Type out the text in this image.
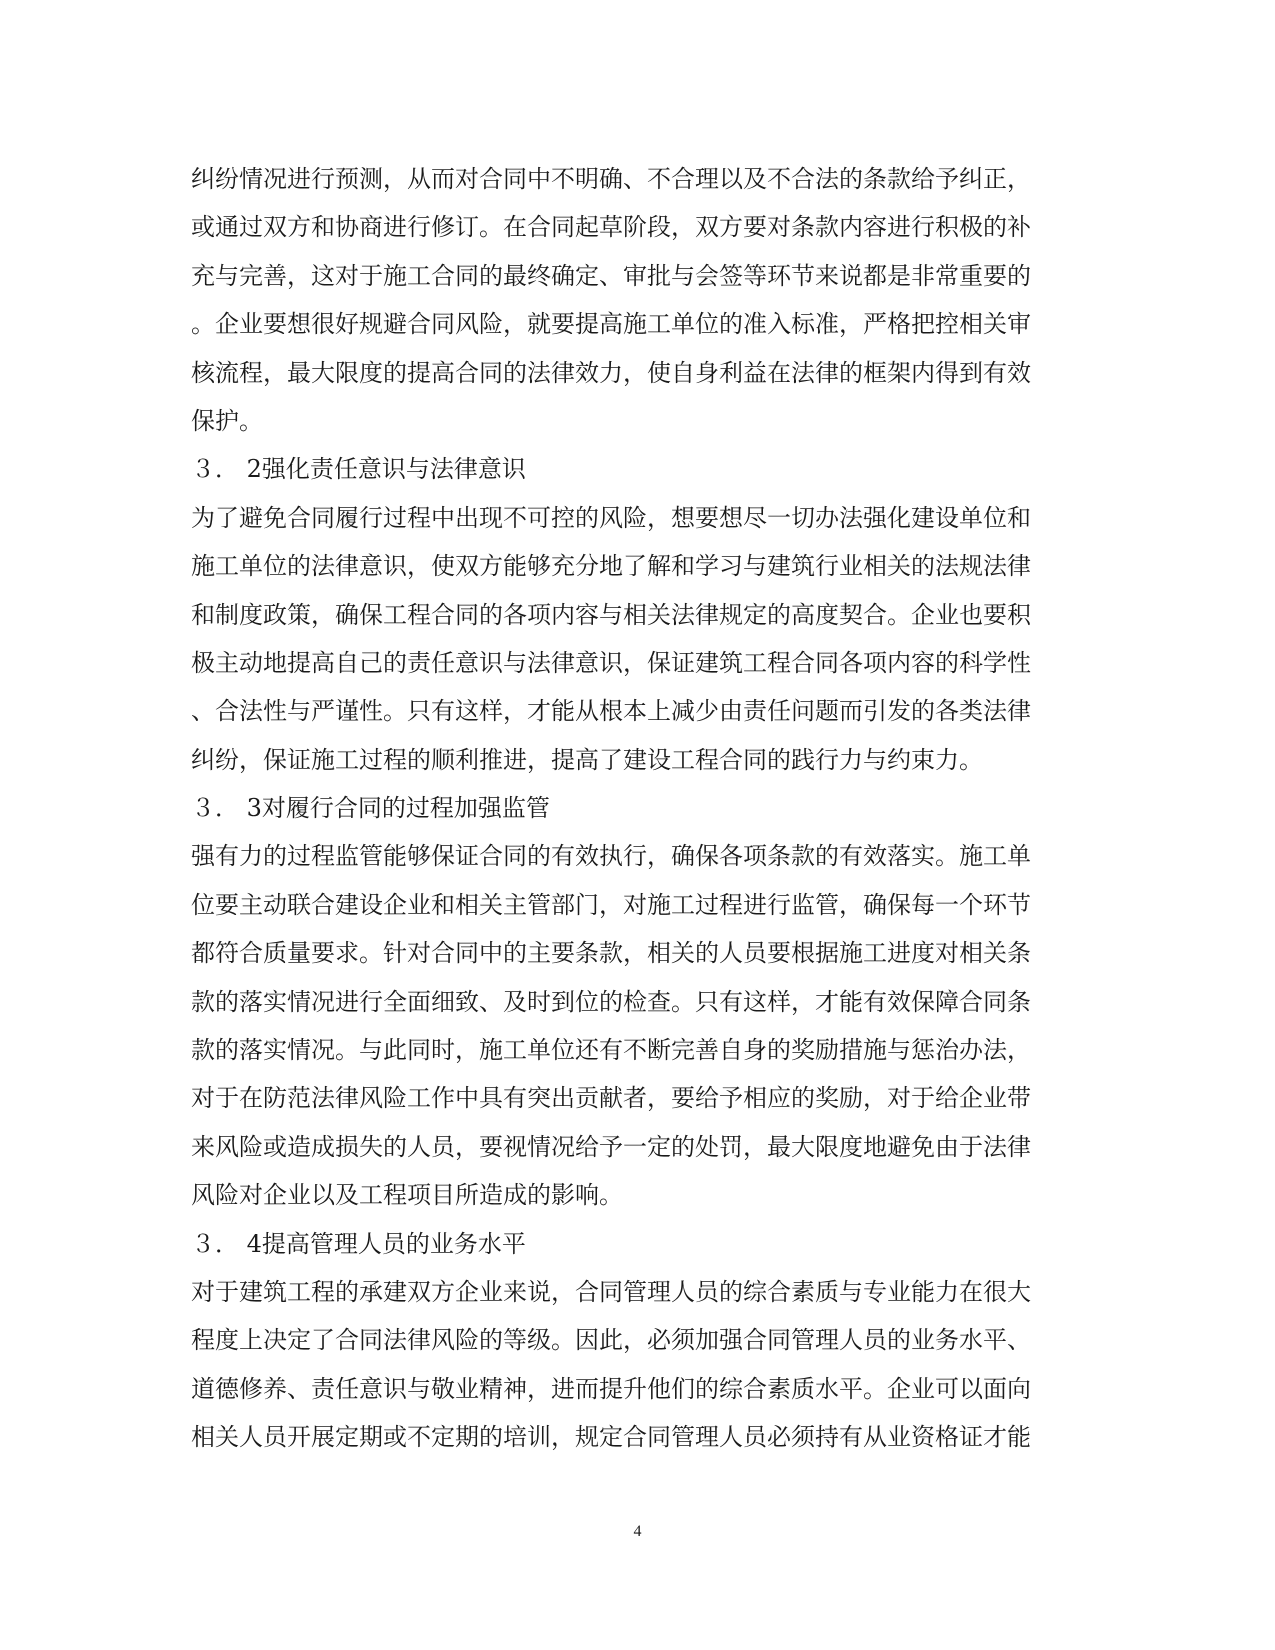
纠纷情况进行预测，从而对合同中不明确、不合理以及不合法的条款给予纠正，
或通过双方和协商进行修订。在合同起草阶段，双方要对条款内容进行积极的补
充与完善，这对于施工合同的最终确定、审批与会签等环节来说都是非常重要的
。企业要想很好规避合同风险，就要提高施工单位的准入标准，严格把控相关审
核流程，最大限度的提高合同的法律效力，使自身利益在法律的框架内得到有效
保护。
３． 2强化责任意识与法律意识
为了避免合同履行过程中出现不可控的风险，想要想尽一切办法强化建设单位和
施工单位的法律意识，使双方能够充分地了解和学习与建筑行业相关的法规法律
和制度政策，确保工程合同的各项内容与相关法律规定的高度契合。企业也要积
极主动地提高自己的责任意识与法律意识，保证建筑工程合同各项内容的科学性
、合法性与严谨性。只有这样，才能从根本上减少由责任问题而引发的各类法律
纠纷，保证施工过程的顺利推进，提高了建设工程合同的践行力与约束力。
３． 3对履行合同的过程加强监管
强有力的过程监管能够保证合同的有效执行，确保各项条款的有效落实。施工单
位要主动联合建设企业和相关主管部门，对施工过程进行监管，确保每一个环节
都符合质量要求。针对合同中的主要条款，相关的人员要根据施工进度对相关条
款的落实情况进行全面细致、及时到位的检查。只有这样，才能有效保障合同条
款的落实情况。与此同时，施工单位还有不断完善自身的奖励措施与惩治办法，
对于在防范法律风险工作中具有突出贡献者，要给予相应的奖励，对于给企业带
来风险或造成损失的人员，要视情况给予一定的处罚，最大限度地避免由于法律
风险对企业以及工程项目所造成的影响。
３． 4提高管理人员的业务水平
对于建筑工程的承建双方企业来说，合同管理人员的综合素质与专业能力在很大
程度上决定了合同法律风险的等级。因此，必须加强合同管理人员的业务水平、
道德修养、责任意识与敬业精神，进而提升他们的综合素质水平。企业可以面向
相关人员开展定期或不定期的培训，规定合同管理人员必须持有从业资格证才能
4
